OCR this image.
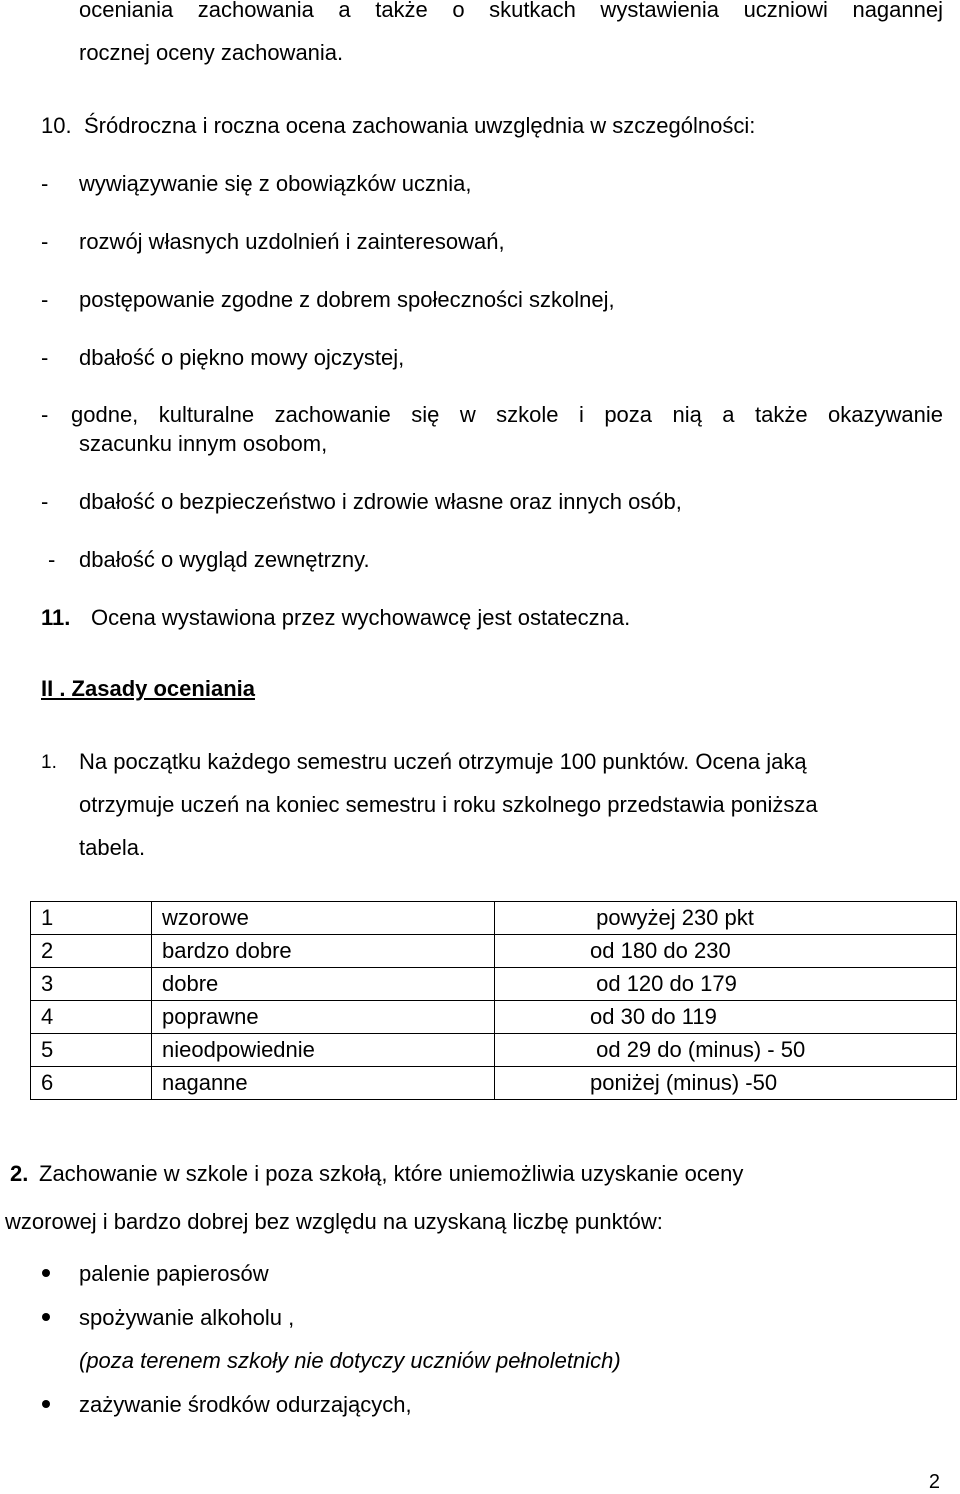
oceniania zachowania a także o skutkach wystawienia uczniowi nagannej
rocznej oceny zachowania.
10. Śródroczna i roczna ocena zachowania uwzględnia w szczególności:
- wywiązywanie się z obowiązków ucznia,
- rozwój własnych uzdolnień i zainteresowań,
- postępowanie zgodne z dobrem społeczności szkolnej,
- dbałość o piękno mowy ojczystej,
- godne, kulturalne zachowanie się w szkole i poza nią a także okazywanie
szacunku innym osobom,
- dbałość o bezpieczeństwo i zdrowie własne oraz innych osób,
- dbałość o wygląd zewnętrzny.
11. Ocena wystawiona przez wychowawcę jest ostateczna.
II . Zasady oceniania
1. Na początku każdego semestru uczeń otrzymuje 100 punktów. Ocena jaką
otrzymuje uczeń na koniec semestru i roku szkolnego przedstawia poniższa
tabela.
1	wzorowe	powyżej 230 pkt
2	bardzo dobre	od 180 do 230
3	dobre	od 120 do 179
4	poprawne	od 30 do 119
5	nieodpowiednie	od 29 do (minus) - 50
6	naganne	poniżej (minus) -50
2. Zachowanie w szkole i poza szkołą, które uniemożliwia uzyskanie oceny
wzorowej i bardzo dobrej bez względu na uzyskaną liczbę punktów:
palenie papierosów
spożywanie alkoholu ,
(poza terenem szkoły nie dotyczy uczniów pełnoletnich)
zażywanie środków odurzających,
2
